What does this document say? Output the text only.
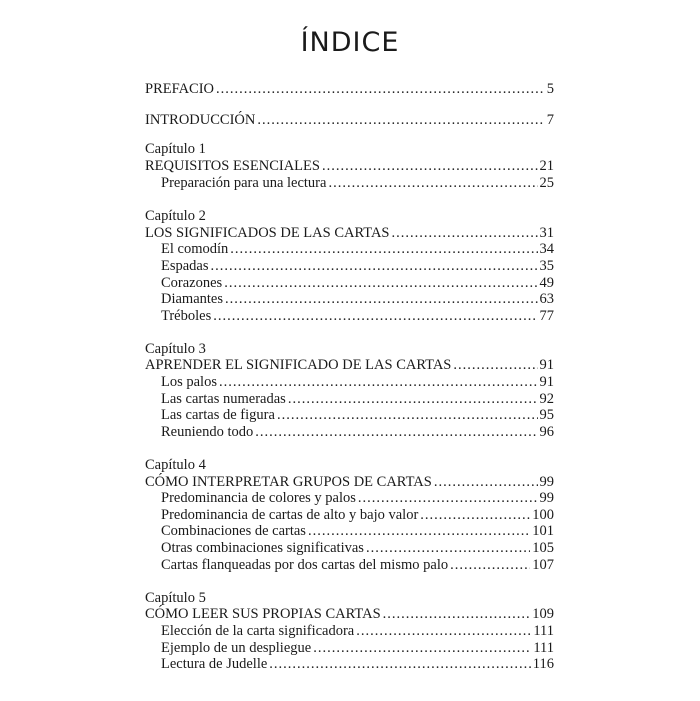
ÍNDICE
PREFACIO .....	5
INTRODUCCIÓN .....	7
Capítulo 1
REQUISITOS ESENCIALES .....	21
Preparación para una lectura .....	25
Capítulo 2
LOS SIGNIFICADOS DE LAS CARTAS .....	31
El comodín .....	34
Espadas .....	35
Corazones .....	49
Diamantes .....	63
Tréboles .....	77
Capítulo 3
APRENDER EL SIGNIFICADO DE LAS CARTAS .....	91
Los palos .....	91
Las cartas numeradas .....	92
Las cartas de figura .....	95
Reuniendo todo .....	96
Capítulo 4
CÓMO INTERPRETAR GRUPOS DE CARTAS .....	99
Predominancia de colores y palos .....	99
Predominancia de cartas de alto y bajo valor .....	100
Combinaciones de cartas .....	101
Otras combinaciones significativas .....	105
Cartas flanqueadas por dos cartas del mismo palo .....	107
Capítulo 5
CÓMO LEER SUS PROPIAS CARTAS .....	109
Elección de la carta significadora .....	111
Ejemplo de un despliegue .....	111
Lectura de Judelle .....	116
